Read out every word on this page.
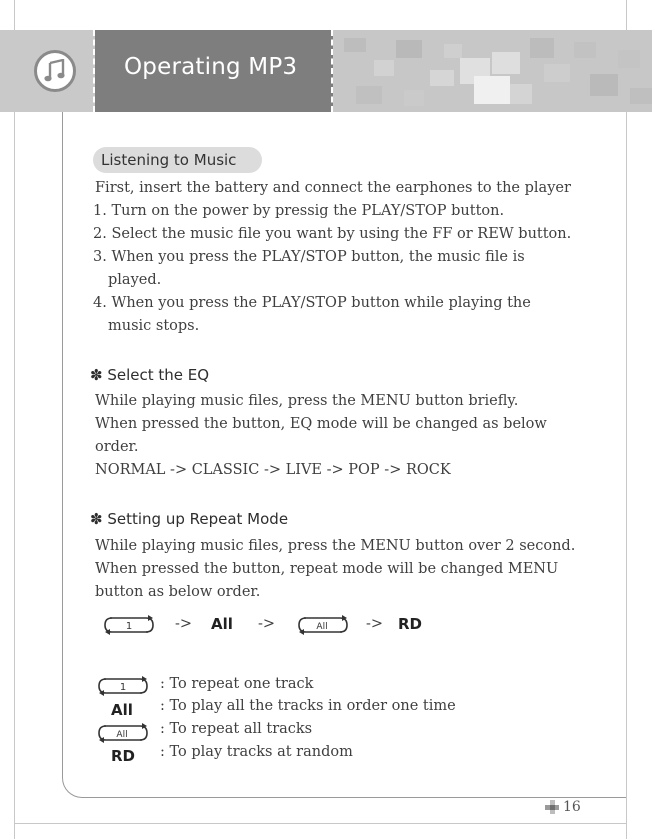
Operating MP3
Listening to Music
First, insert the battery and connect the earphones to the player
1. Turn on the power by pressig the PLAY/STOP button.
2. Select the music file you want by using the FF or REW button.
3. When you press the PLAY/STOP button, the music file is
played.
4. When you press the PLAY/STOP button while playing the
music stops.
✽ Select the EQ
While playing music files, press the MENU button briefly.
When pressed the button, EQ mode will be changed as below
order.
NORMAL -> CLASSIC -> LIVE -> POP -> ROCK
✽ Setting up Repeat Mode
While playing music files, press the MENU button over 2 second.
When pressed the button, repeat mode will be changed MENU
button as below order.
1	-> All ->	All	-> RD
1 : To repeat one track
All : To play all the tracks in order one time
All : To repeat all tracks
RD : To play tracks at random
16
